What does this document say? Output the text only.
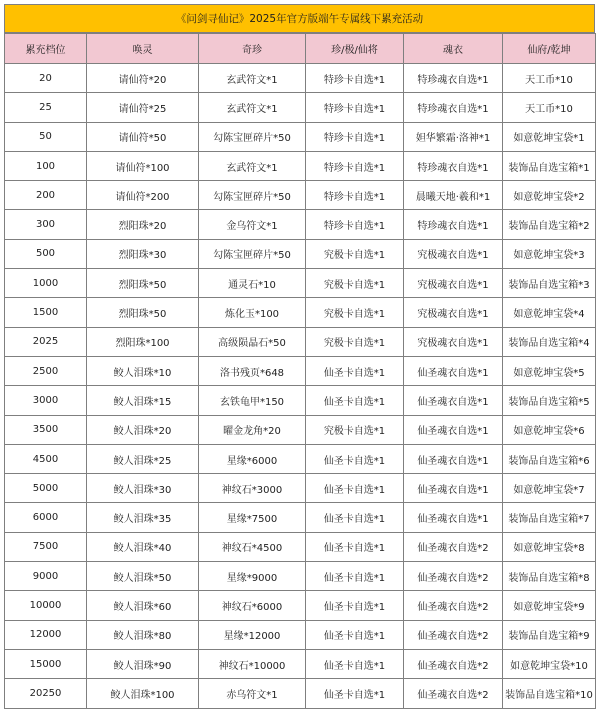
《问剑寻仙记》2025年官方版端午专属线下累充活动
累充档位	唤灵	奇珍	珍/极/仙将	魂衣	仙府/乾坤
20	请仙符*20	玄武符文*1	特珍卡自选*1	特珍魂衣自选*1	天工币*10
25	请仙符*25	玄武符文*1	特珍卡自选*1	特珍魂衣自选*1	天工币*10
50	请仙符*50	勾陈宝匣碎片*50	特珍卡自选*1	妲华繁霜·洛神*1	如意乾坤宝袋*1
100	请仙符*100	玄武符文*1	特珍卡自选*1	特珍魂衣自选*1	装饰品自选宝箱*1
200	请仙符*200	勾陈宝匣碎片*50	特珍卡自选*1	晨曦天地·羲和*1	如意乾坤宝袋*2
300	烈阳珠*20	金乌符文*1	特珍卡自选*1	特珍魂衣自选*1	装饰品自选宝箱*2
500	烈阳珠*30	勾陈宝匣碎片*50	究极卡自选*1	究极魂衣自选*1	如意乾坤宝袋*3
1000	烈阳珠*50	通灵石*10	究极卡自选*1	究极魂衣自选*1	装饰品自选宝箱*3
1500	烈阳珠*50	炼化玉*100	究极卡自选*1	究极魂衣自选*1	如意乾坤宝袋*4
2025	烈阳珠*100	高级陨晶石*50	究极卡自选*1	究极魂衣自选*1	装饰品自选宝箱*4
2500	鲛人泪珠*10	洛书残页*648	仙圣卡自选*1	仙圣魂衣自选*1	如意乾坤宝袋*5
3000	鲛人泪珠*15	玄铁龟甲*150	仙圣卡自选*1	仙圣魂衣自选*1	装饰品自选宝箱*5
3500	鲛人泪珠*20	曜金龙角*20	究极卡自选*1	仙圣魂衣自选*1	如意乾坤宝袋*6
4500	鲛人泪珠*25	星缘*6000	仙圣卡自选*1	仙圣魂衣自选*1	装饰品自选宝箱*6
5000	鲛人泪珠*30	神纹石*3000	仙圣卡自选*1	仙圣魂衣自选*1	如意乾坤宝袋*7
6000	鲛人泪珠*35	星缘*7500	仙圣卡自选*1	仙圣魂衣自选*1	装饰品自选宝箱*7
7500	鲛人泪珠*40	神纹石*4500	仙圣卡自选*1	仙圣魂衣自选*2	如意乾坤宝袋*8
9000	鲛人泪珠*50	星缘*9000	仙圣卡自选*1	仙圣魂衣自选*2	装饰品自选宝箱*8
10000	鲛人泪珠*60	神纹石*6000	仙圣卡自选*1	仙圣魂衣自选*2	如意乾坤宝袋*9
12000	鲛人泪珠*80	星缘*12000	仙圣卡自选*1	仙圣魂衣自选*2	装饰品自选宝箱*9
15000	鲛人泪珠*90	神纹石*10000	仙圣卡自选*1	仙圣魂衣自选*2	如意乾坤宝袋*10
20250	鲛人泪珠*100	赤乌符文*1	仙圣卡自选*1	仙圣魂衣自选*2	装饰品自选宝箱*10
